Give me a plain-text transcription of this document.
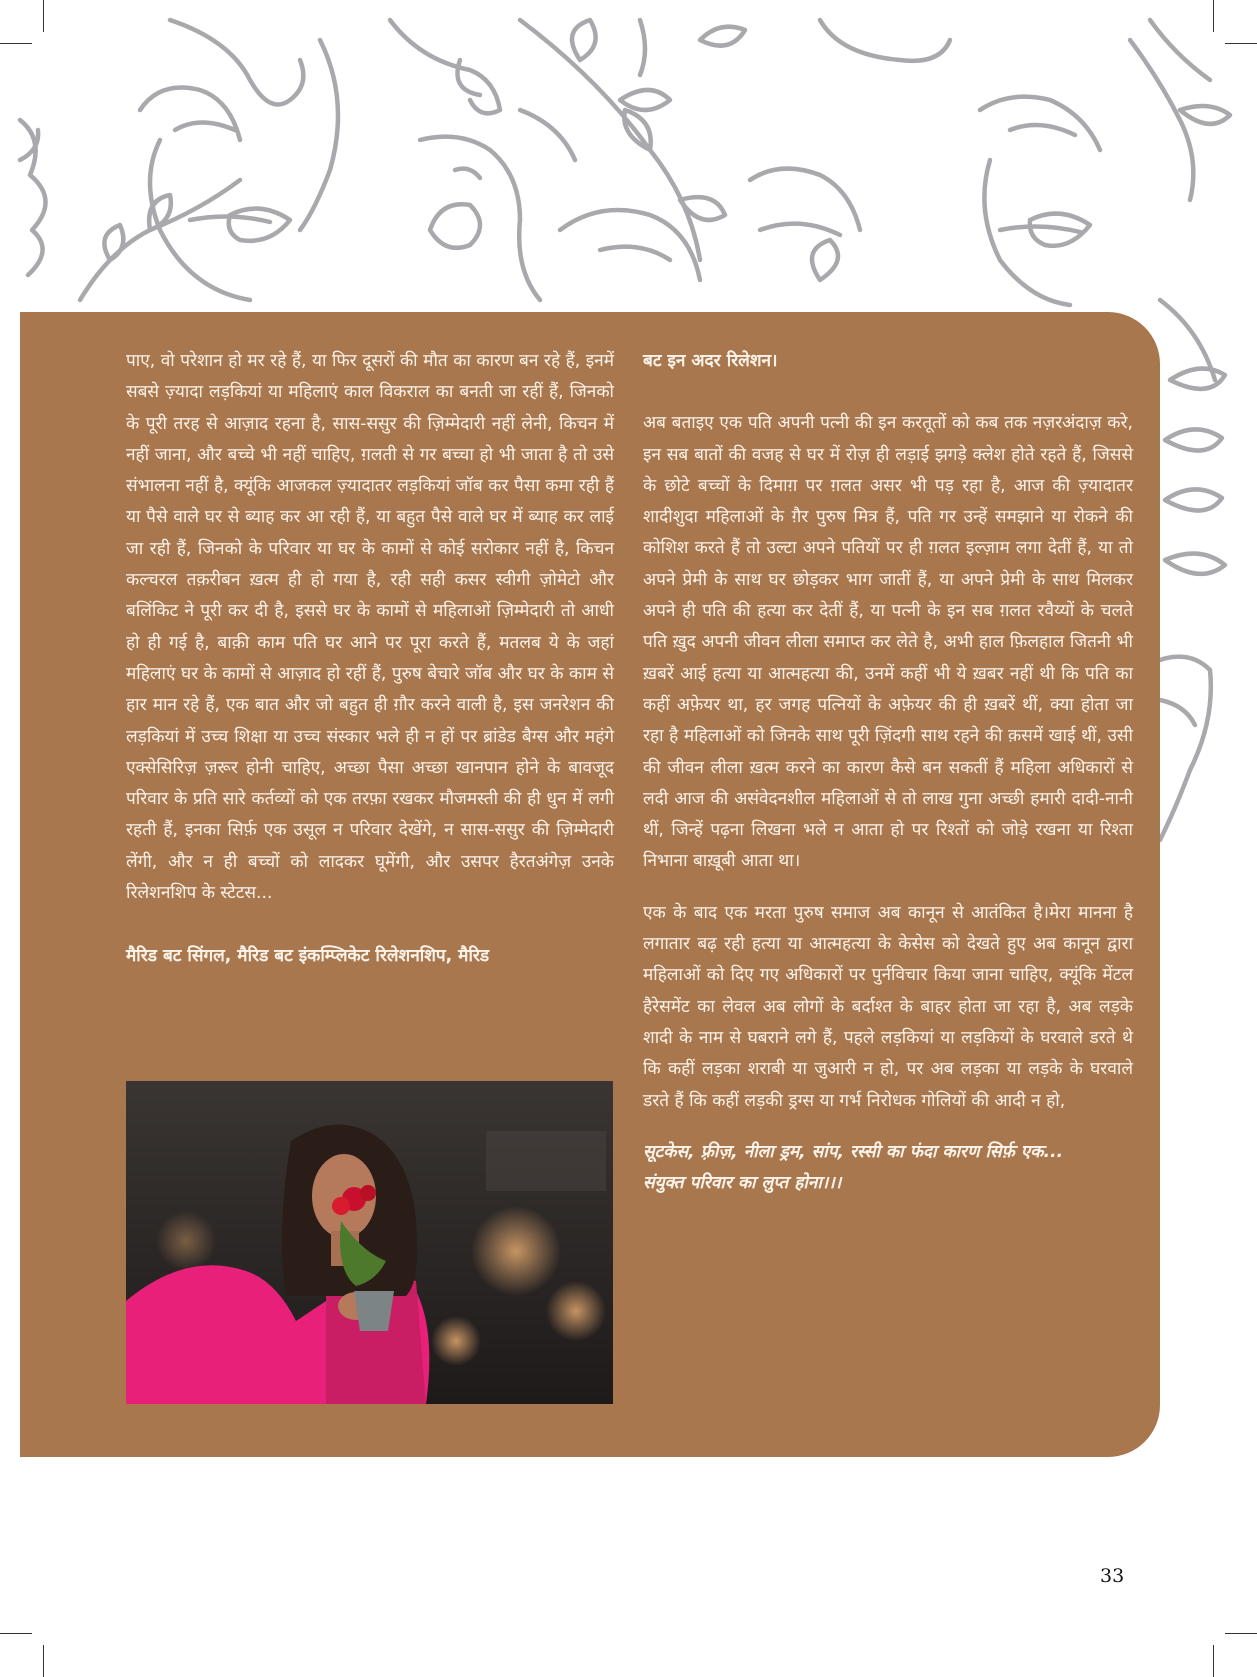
पाए, वो परेशान हो मर रहे हैं, या फिर दूसरों की मौत का कारण बन रहे हैं, इनमें सबसे ज़्यादा लड़कियां या महिलाएं काल विकराल का बनती जा रहीं हैं, जिनको के पूरी तरह से आज़ाद रहना है, सास-ससुर की ज़िम्मेदारी नहीं लेनी, किचन में नहीं जाना, और बच्चे भी नहीं चाहिए, ग़लती से गर बच्चा हो भी जाता है तो उसे संभालना नहीं है, क्यूंकि आजकल ज़्यादातर लड़कियां जॉब कर पैसा कमा रही हैं या पैसे वाले घर से ब्याह कर आ रही हैं, या बहुत पैसे वाले घर में ब्याह कर लाई जा रही हैं, जिनको के परिवार या घर के कामों से कोई सरोकार नहीं है, किचन कल्चरल तक़रीबन ख़त्म ही हो गया है, रही सही कसर स्वीगी ज़ोमेटो और बलिंकिट ने पूरी कर दी है, इससे घर के कामों से महिलाओं ज़िम्मेदारी तो आधी हो ही गई है, बाक़ी काम पति घर आने पर पूरा करते हैं, मतलब ये के जहां महिलाएं घर के कामों से आज़ाद हो रहीं हैं, पुरुष बेचारे जॉब और घर के काम से हार मान रहे हैं, एक बात और जो बहुत ही ग़ौर करने वाली है, इस जनरेशन की लड़कियां में उच्च शिक्षा या उच्च संस्कार भले ही न हों पर ब्रांडेड बैग्स और महंगे एक्सेसिरिज़ ज़रूर होनी चाहिए, अच्छा पैसा अच्छा खानपान होने के बावजूद परिवार के प्रति सारे कर्तव्यों को एक तरफ़ा रखकर मौजमस्ती की ही धुन में लगी रहती हैं, इनका सिर्फ़ एक उसूल न परिवार देखेंगे, न सास-ससुर की ज़िम्मेदारी लेंगी, और न ही बच्चों को लादकर घूमेंगी, और उसपर हैरतअंगेज़ उनके रिलेशनशिप के स्टेटस...

मैरिड बट सिंगल, मैरिड बट इंकम्प्लिकेट रिलेशनशिप, मैरिड

बट इन अदर रिलेशन।

अब बताइए एक पति अपनी पत्नी की इन करतूतों को कब तक नज़रअंदाज़ करे, इन सब बातों की वजह से घर में रोज़ ही लड़ाई झगड़े क्लेश होते रहते हैं, जिससे के छोटे बच्चों के दिमाग़ पर ग़लत असर भी पड़ रहा है, आज की ज़्यादातर शादीशुदा महिलाओं के ग़ैर पुरुष मित्र हैं, पति गर उन्हें समझाने या रोकने की कोशिश करते हैं तो उल्टा अपने पतियों पर ही ग़लत इल्ज़ाम लगा देतीं हैं, या तो अपने प्रेमी के साथ घर छोड़कर भाग जातीं हैं, या अपने प्रेमी के साथ मिलकर अपने ही पति की हत्या कर देतीं हैं, या पत्नी के इन सब ग़लत रवैय्यों के चलते पति ख़ुद अपनी जीवन लीला समाप्त कर लेते है, अभी हाल फ़िलहाल जितनी भी ख़बरें आई हत्या या आत्महत्या की, उनमें कहीं भी ये ख़बर नहीं थी कि पति का कहीं अफ़ेयर था, हर जगह पत्नियों के अफ़ेयर की ही ख़बरें थीं, क्या होता जा रहा है महिलाओं को जिनके साथ पूरी ज़िंदगी साथ रहने की क़समें खाई थीं, उसी की जीवन लीला ख़त्म करने का कारण कैसे बन सकतीं हैं महिला अधिकारों से लदी आज की असंवेदनशील महिलाओं से तो लाख गुना अच्छी हमारी दादी-नानी थीं, जिन्हें पढ़ना लिखना भले न आता हो पर रिश्तों को जोड़े रखना या रिश्ता निभाना बाख़ूबी आता था।

एक के बाद एक मरता पुरुष समाज अब कानून से आतंकित है।मेरा मानना है लगातार बढ़ रही हत्या या आत्महत्या के केसेस को देखते हुए अब कानून द्वारा महिलाओं को दिए गए अधिकारों पर पुर्नविचार किया जाना चाहिए, क्यूंकि मेंटल हैरेसमेंट का लेवल अब लोगों के बर्दाश्त के बाहर होता जा रहा है, अब लड़के शादी के नाम से घबराने लगे हैं, पहले लड़कियां या लड़कियों के घरवाले डरते थे कि कहीं लड़का शराबी या जुआरी न हो, पर अब लड़का या लड़के के घरवाले डरते हैं कि कहीं लड़की ड्रग्स या गर्भ निरोधक गोलियों की आदी न हो,

सूटकेस, फ़्रीज़, नीला ड्रम, सांप, रस्सी का फंदा कारण सिर्फ़ एक...

संयुक्त परिवार का लुप्त होना।।।

33
